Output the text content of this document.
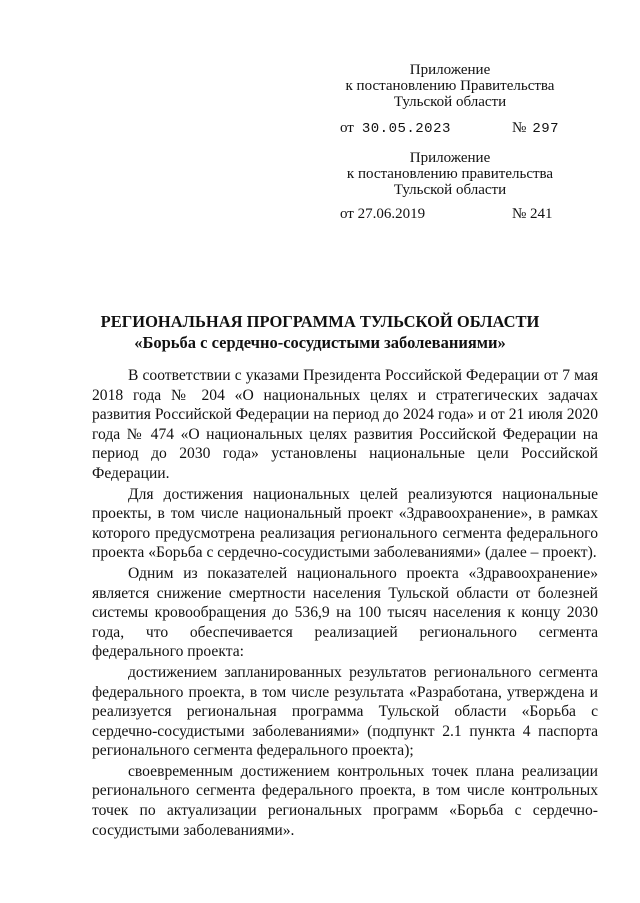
Приложение
к постановлению Правительства
Тульской области
от 30.05.2023	№ 297
Приложение
к постановлению правительства
Тульской области
от 27.06.2019	№ 241
РЕГИОНАЛЬНАЯ ПРОГРАММА ТУЛЬСКОЙ ОБЛАСТИ
«Борьба с сердечно-сосудистыми заболеваниями»

В соответствии с указами Президента Российской Федерации от 7 мая 2018 года № 204 «О национальных целях и стратегических задачах развития Российской Федерации на период до 2024 года» и от 21 июля 2020 года № 474 «О национальных целях развития Российской Федерации на период до 2030 года» установлены национальные цели Российской Федерации.

Для достижения национальных целей реализуются национальные проекты, в том числе национальный проект «Здравоохранение», в рамках которого предусмотрена реализация регионального сегмента федерального проекта «Борьба с сердечно-сосудистыми заболеваниями» (далее – проект).

Одним из показателей национального проекта «Здравоохранение» является снижение смертности населения Тульской области от болезней системы кровообращения до 536,9 на 100 тысяч населения к концу 2030 года, что обеспечивается реализацией регионального сегмента федерального проекта:

достижением запланированных результатов регионального сегмента федерального проекта, в том числе результата «Разработана, утверждена и реализуется региональная программа Тульской области «Борьба с сердечно-сосудистыми заболеваниями» (подпункт 2.1 пункта 4 паспорта регионального сегмента федерального проекта);

своевременным достижением контрольных точек плана реализации регионального сегмента федерального проекта, в том числе контрольных точек по актуализации региональных программ «Борьба с сердечно-сосудистыми заболеваниями».
